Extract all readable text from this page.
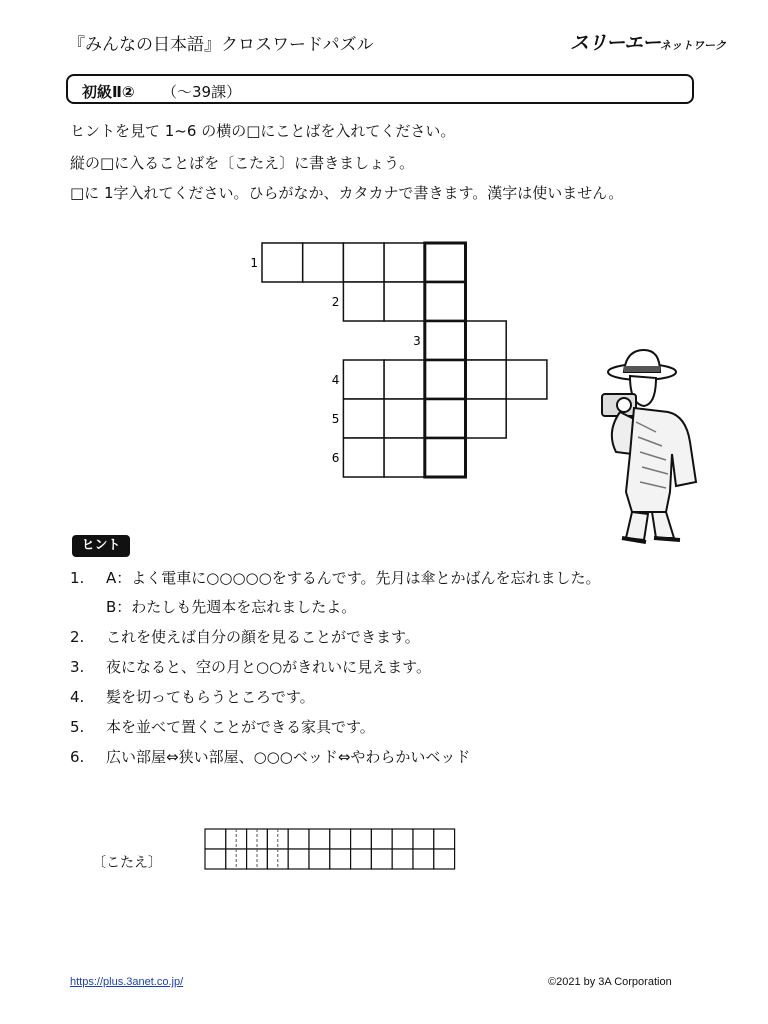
『みんなの日本語』クロスワードパズル	スリーエーネットワーク
初級Ⅱ② （～39課）
ヒントを見て 1~6 の横の□にことばを入れてください。
縦の□に入ることばを〔こたえ〕に書きましょう。
□に 1字入れてください。ひらがなか、カタカナで書きます。漢字は使いません。
1
2
3
4
5
6
ヒント
1. A：よく電車に○○○○○をするんです。先月は傘とかばんを忘れました。
B：わたしも先週本を忘れましたよ。
2. これを使えば自分の顔を見ることができます。
3. 夜になると、空の月と○○がきれいに見えます。
4. 髪を切ってもらうところです。
5. 本を並べて置くことができる家具です。
6. 広い部屋⇔狭い部屋、○○○ベッド⇔やわらかいベッド
〔こたえ〕
https://plus.3anet.co.jp/	©2021 by 3A Corporation
